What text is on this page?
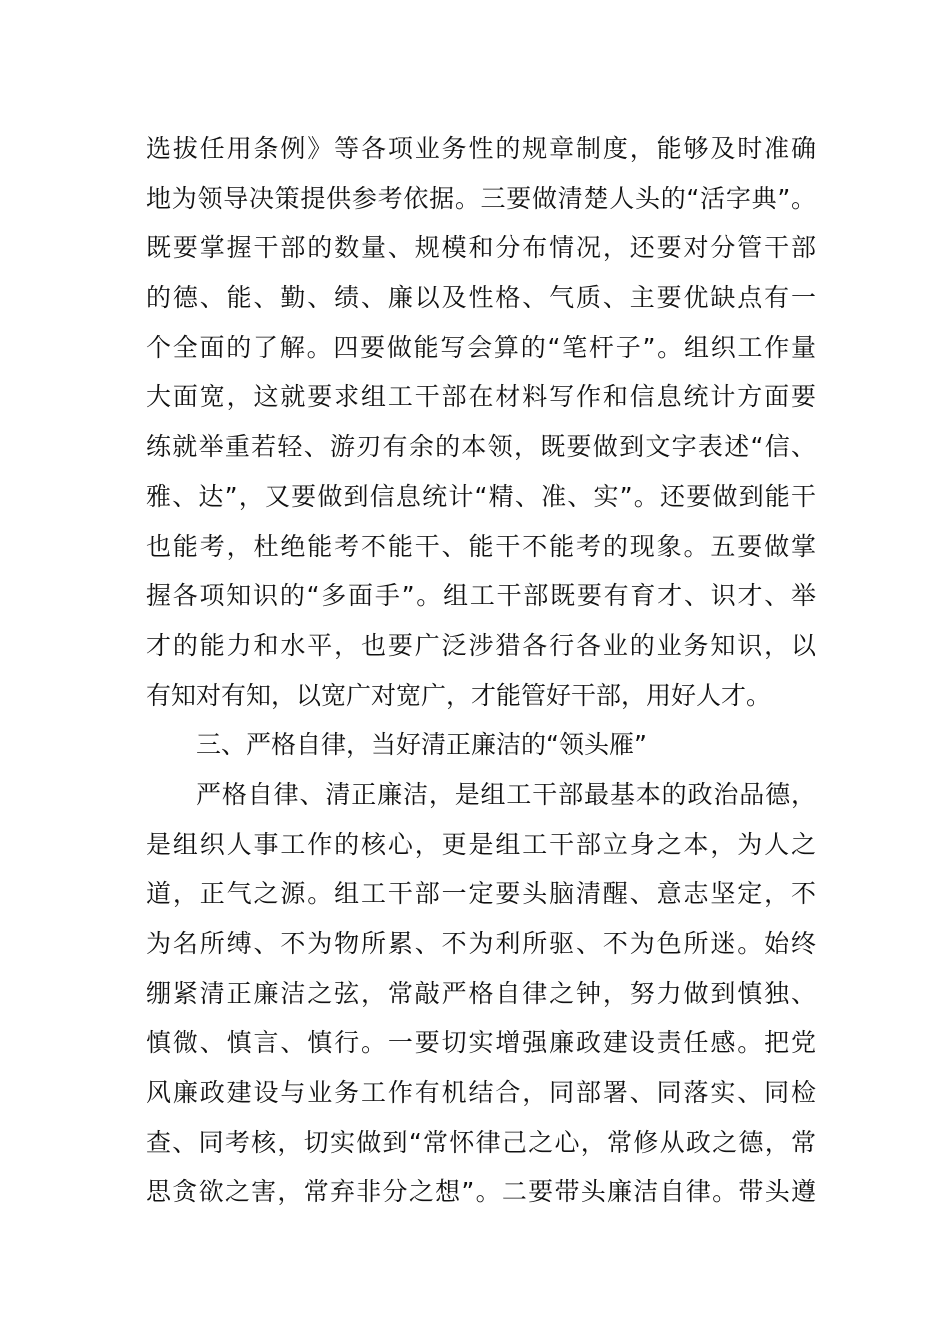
选拔任用条例》等各项业务性的规章制度，能够及时准确
地为领导决策提供参考依据。三要做清楚人头的“活字典”。
既要掌握干部的数量、规模和分布情况，还要对分管干部
的德、能、勤、绩、廉以及性格、气质、主要优缺点有一
个全面的了解。四要做能写会算的“笔杆子”。组织工作量
大面宽，这就要求组工干部在材料写作和信息统计方面要
练就举重若轻、游刃有余的本领，既要做到文字表述“信、
雅、达”，又要做到信息统计“精、准、实”。还要做到能干
也能考，杜绝能考不能干、能干不能考的现象。五要做掌
握各项知识的“多面手”。组工干部既要有育才、识才、举
才的能力和水平，也要广泛涉猎各行各业的业务知识，以
有知对有知，以宽广对宽广，才能管好干部，用好人才。
三、严格自律，当好清正廉洁的“领头雁”
严格自律、清正廉洁，是组工干部最基本的政治品德，
是组织人事工作的核心，更是组工干部立身之本，为人之
道，正气之源。组工干部一定要头脑清醒、意志坚定，不
为名所缚、不为物所累、不为利所驱、不为色所迷。始终
绷紧清正廉洁之弦，常敲严格自律之钟，努力做到慎独、
慎微、慎言、慎行。一要切实增强廉政建设责任感。把党
风廉政建设与业务工作有机结合，同部署、同落实、同检
查、同考核，切实做到“常怀律己之心，常修从政之德，常
思贪欲之害，常弃非分之想”。二要带头廉洁自律。带头遵
